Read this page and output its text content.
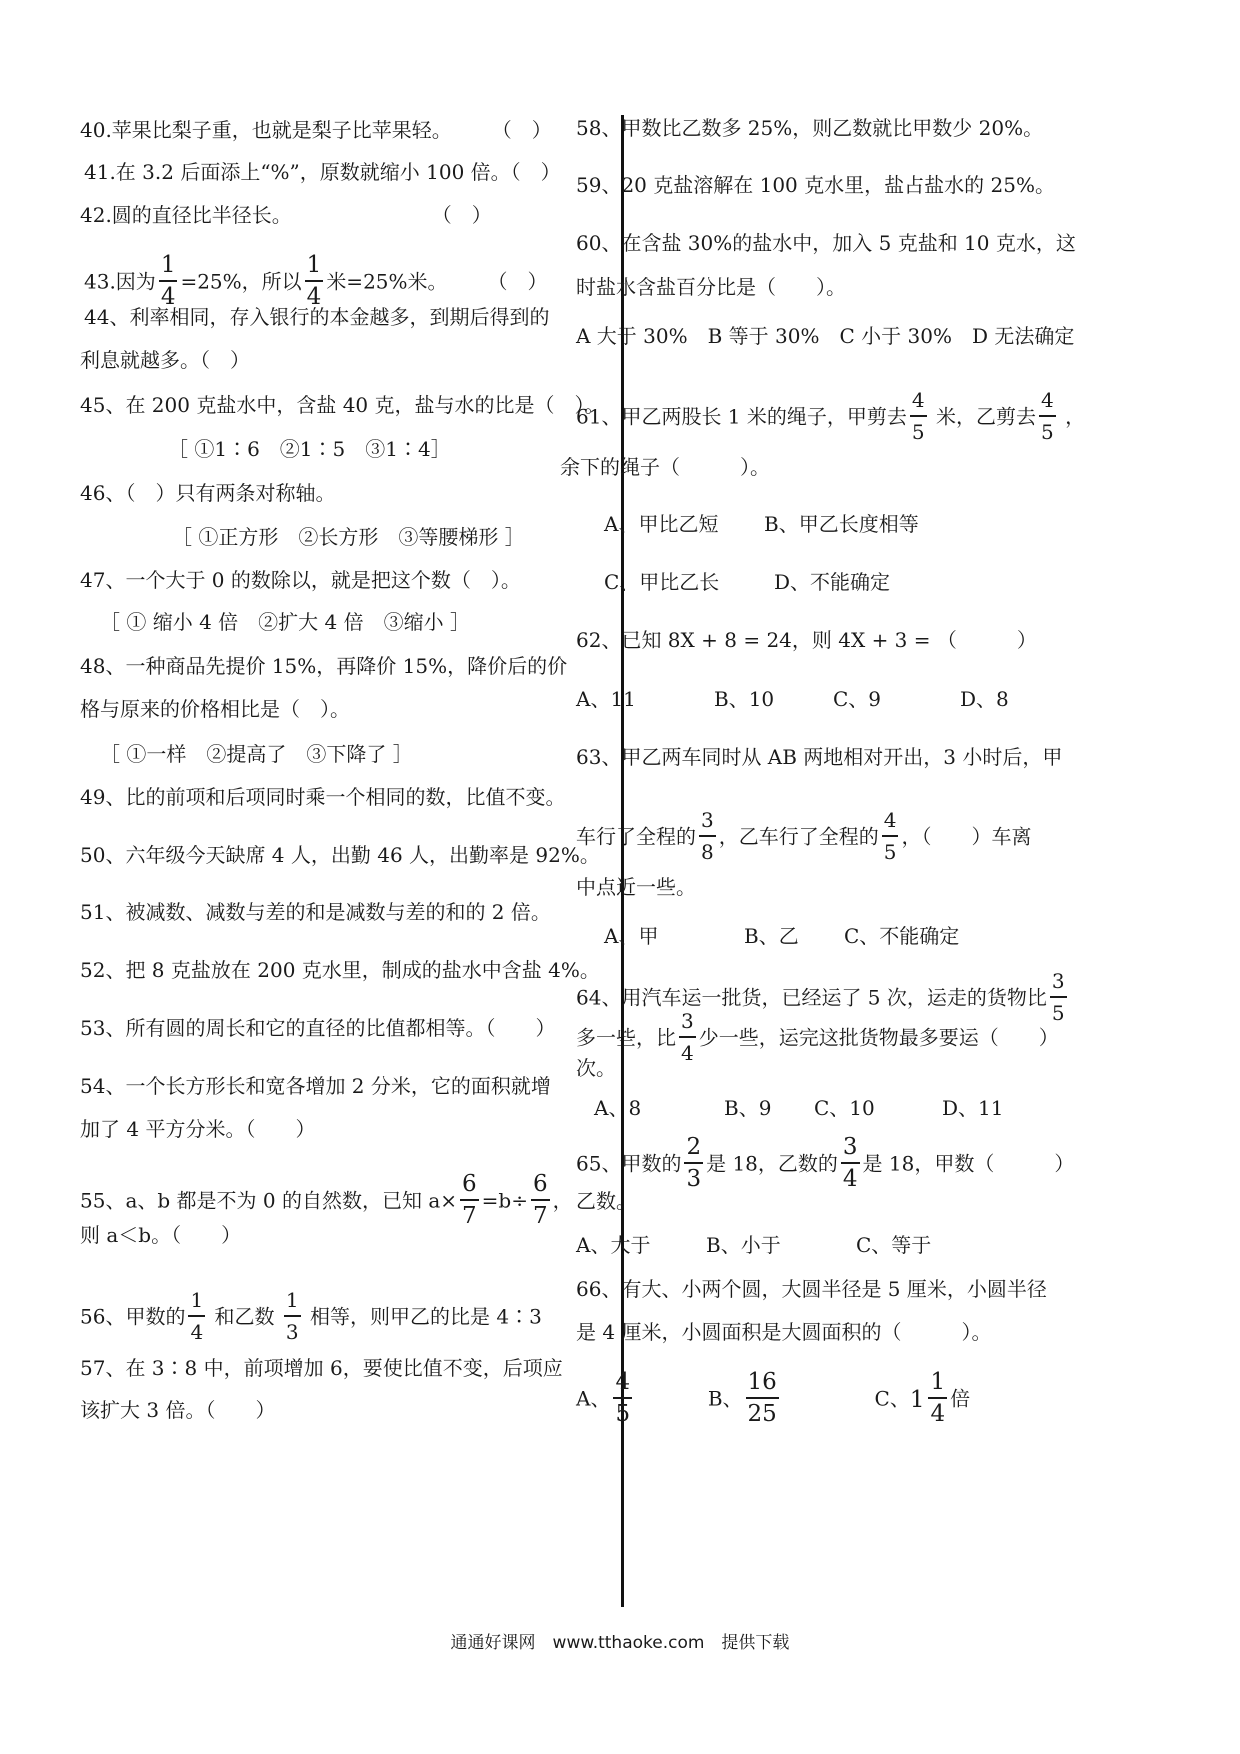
40.苹果比梨子重，也就是梨子比苹果轻。　　　（　）
41.在 3.2 后面添上“%”，原数就缩小 100 倍。（　）
42.圆的直径比半径长。　　　　　　　　（　）
43.因为 $\frac{1}{4} =25\%$，所以 $\frac{1}{4}$ 米=25%米。　　　（　）
44、利率相同，存入银行的本金越多，到期后得到的
利息就越多。（　）
45、在 200 克盐水中，含盐 40 克，盐与水的比是（　）。
［ ①1∶6　②1∶5　③1∶4］
46、（　）只有两条对称轴。
［ ①正方形　②长方形　③等腰梯形 ］
47、一个大于 0 的数除以，就是把这个数（　）。
［ ① 缩小 4 倍　②扩大 4 倍　③缩小 ］
48、一种商品先提价 15%，再降价 15%，降价后的价
格与原来的价格相比是（　）。
［ ①一样　②提高了　③下降了 ］
49、比的前项和后项同时乘一个相同的数，比值不变。
50、六年级今天缺席 4 人，出勤 46 人，出勤率是 92%。
51、被减数、减数与差的和是减数与差的和的 2 倍。
52、把 8 克盐放在 200 克水里，制成的盐水中含盐 4%。
53、所有圆的周长和它的直径的比值都相等。（　　）
54、一个长方形长和宽各增加 2 分米，它的面积就增
加了 4 平方分米。（　　）
55、a、b 都是不为 0 的自然数，已知 $a\times \frac{6}{7} =b\div \frac{6}{7}$ ，
则 a＜b。（　　）
56、甲数的 $\frac{1}{4}$ 和乙数 $\frac{1}{3}$ 相等，则甲乙的比是 4∶3
57、在 3∶8 中，前项增加 6，要使比值不变，后项应
该扩大 3 倍。（　　）
58、甲数比乙数多 25%，则乙数就比甲数少 20%。
59、20 克盐溶解在 100 克水里，盐占盐水的 25%。
60、在含盐 30%的盐水中，加入 5 克盐和 10 克水，这
时盐水含盐百分比是（　　）。
A 大于 30%　B 等于 30%　C 小于 30%　D 无法确定
61、甲乙两股长 1 米的绳子，甲剪去 $\frac{4}{5}$ 米，乙剪去 $\frac{4}{5}$ ，
余下的绳子（　　　）。
A、甲比乙短 B、甲乙长度相等
C、甲比乙长	D、不能确定
62、已知 8X + 8 = 24，则 4X + 3 = （　　　）
A、11	B、10	C、9	D、8
63、甲乙两车同时从 AB 两地相对开出，3 小时后，甲
车行了全程的 $\frac{3}{8}$ ，乙车行了全程的 $\frac{4}{5}$ ，（　　）车离
中点近一些。
A、甲	B、乙 C、不能确定
64、用汽车运一批货，已经运了 5 次，运走的货物比 $\frac{3}{5}$
多一些，比 $\frac{3}{4}$ 少一些，运完这批货物最多要运（　　）
次。
A、8	B、9 C、10	D、11
65、甲数的 $\frac{2}{3}$ 是 18，乙数的 $\frac{3}{4}$ 是 18，甲数（　　　）
乙数。
A、大于	B、小于	C、等于
66、有大、小两个圆，大圆半径是 5 厘米，小圆半径
是 4 厘米，小圆面积是大圆面积的（　　　）。
A、 $\frac{4}{5}$	B、 $\frac{16}{25}$	C、 $1 \frac{1}{4}$ 倍
通通好课网　www.tthaoke.com　提供下载
